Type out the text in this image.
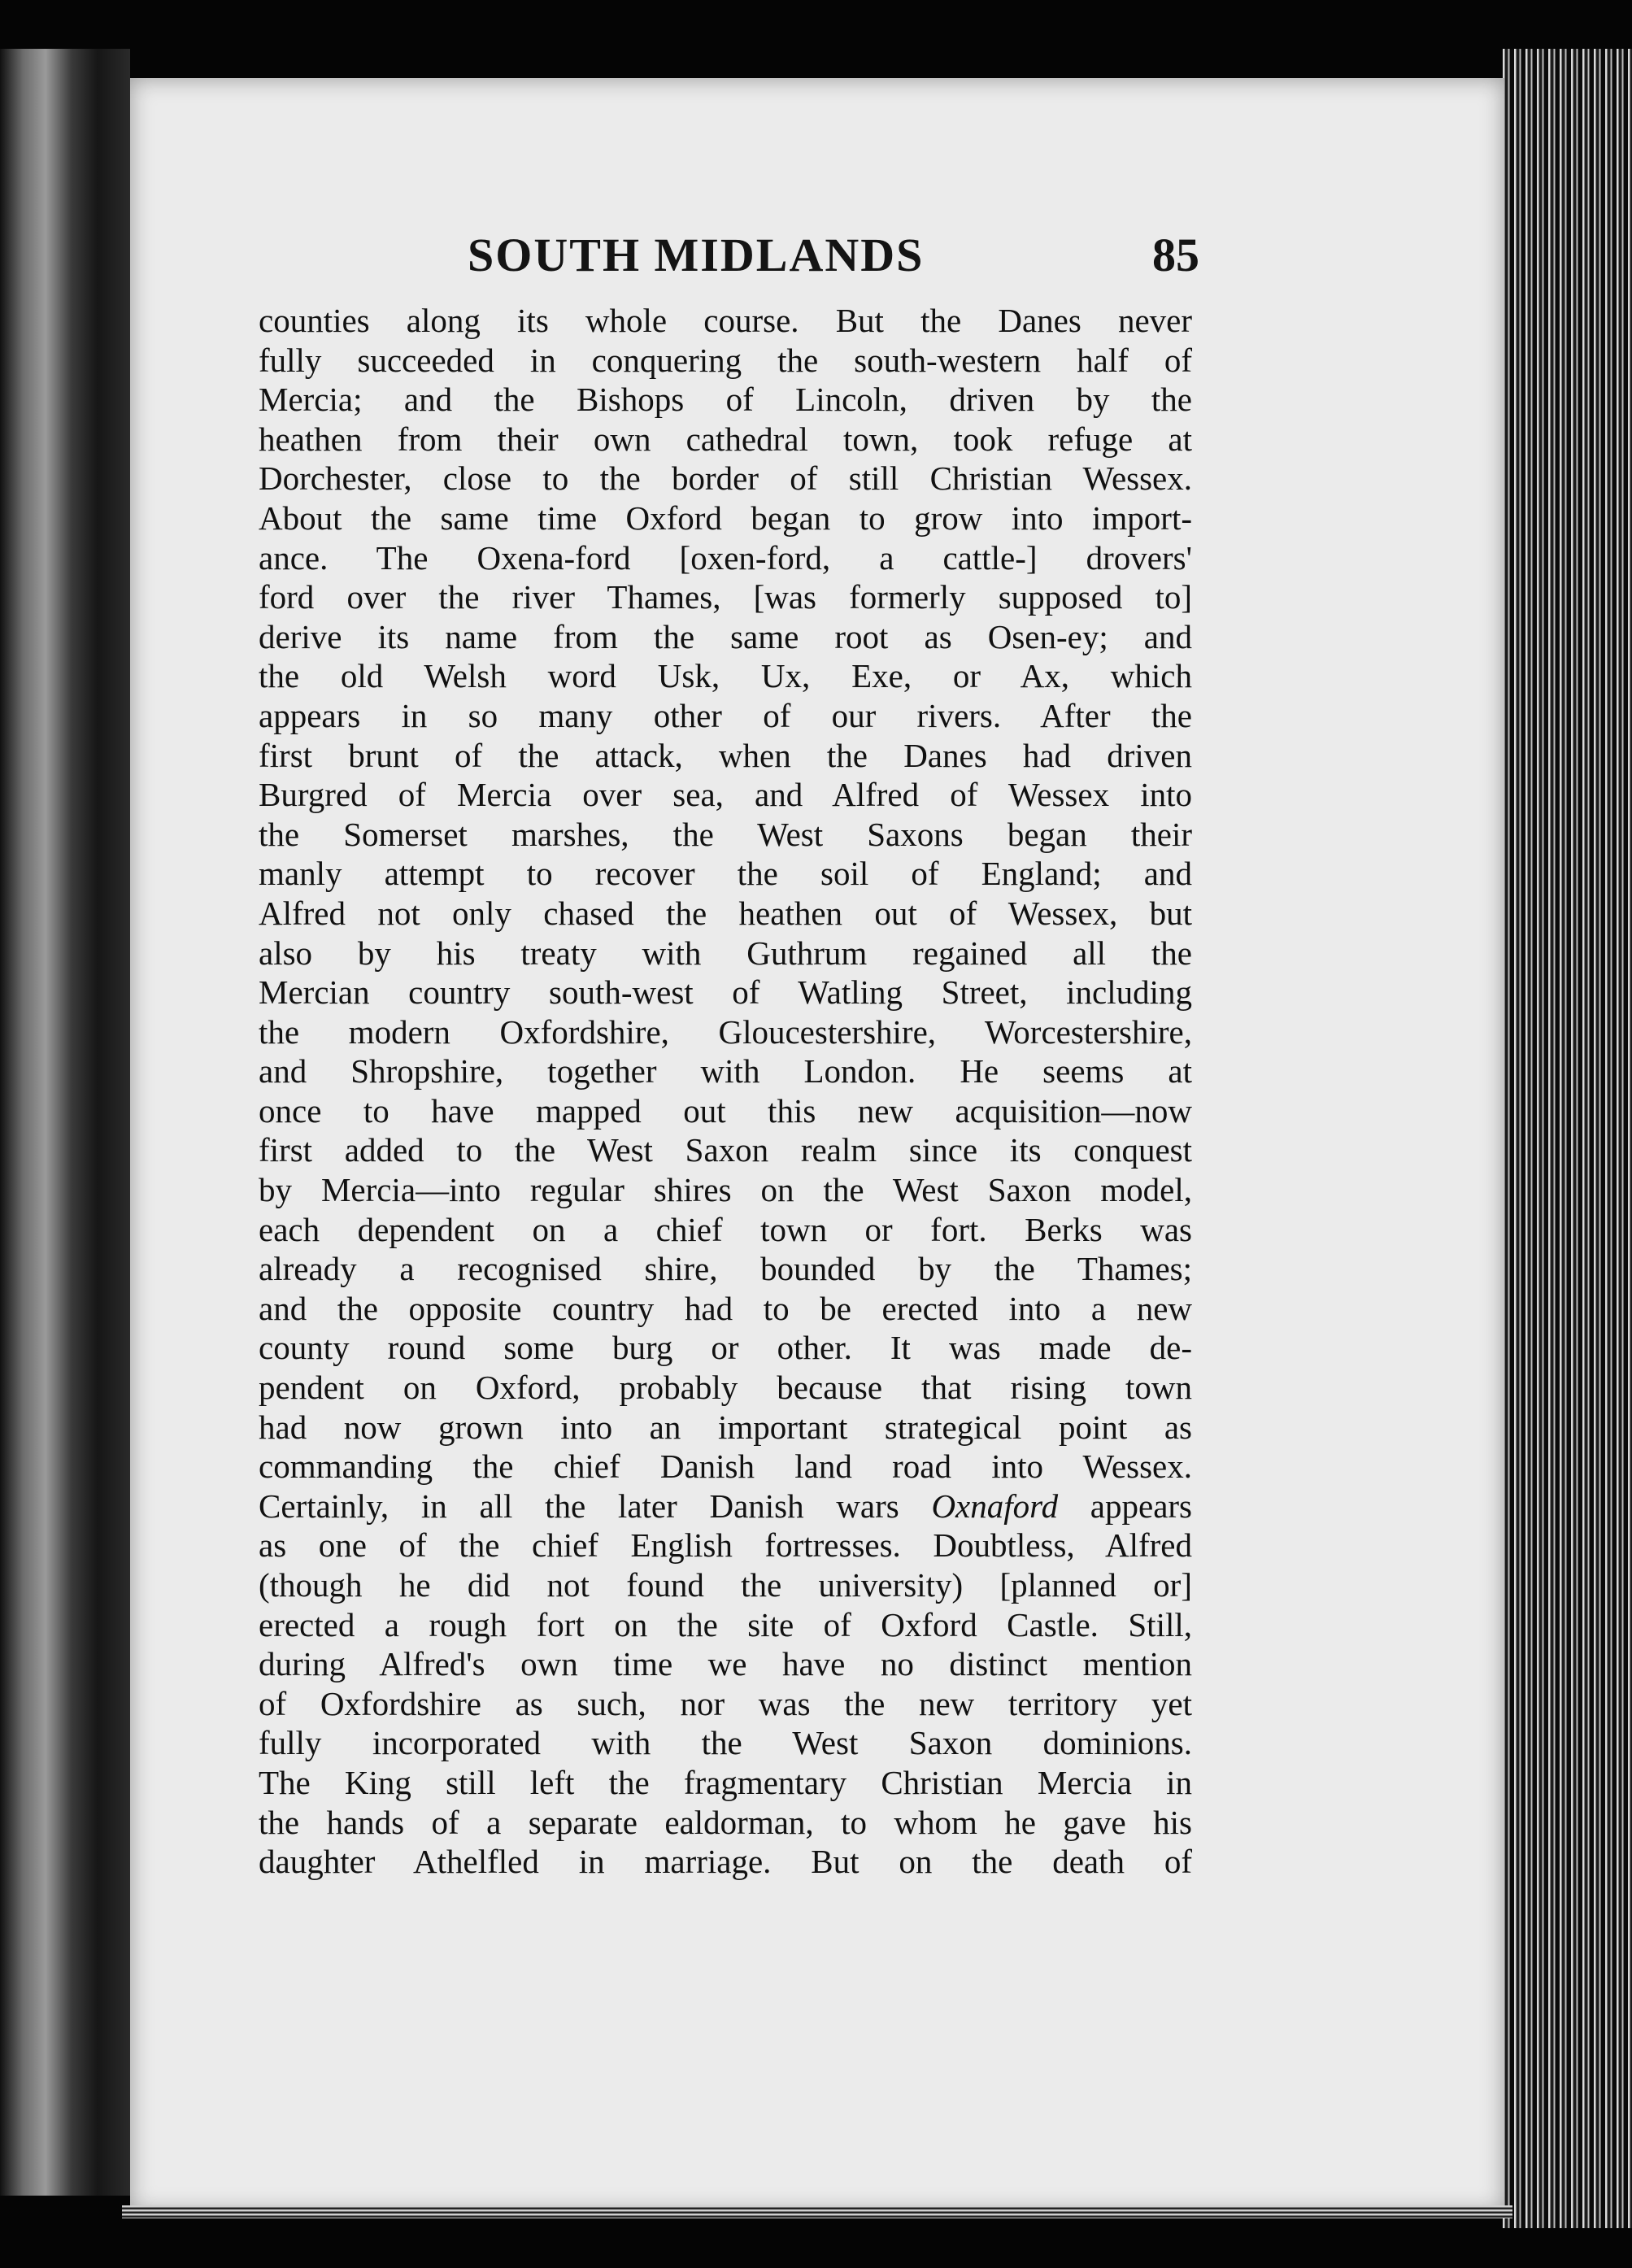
SOUTH MIDLANDS	85
counties along its whole course. But the Danes never
fully succeeded in conquering the south-western half of
Mercia; and the Bishops of Lincoln, driven by the
heathen from their own cathedral town, took refuge at
Dorchester, close to the border of still Christian Wessex.
About the same time Oxford began to grow into import-
ance. The Oxena-ford [oxen-ford, a cattle-] drovers'
ford over the river Thames, [was formerly supposed to]
derive its name from the same root as Osen-ey; and
the old Welsh word Usk, Ux, Exe, or Ax, which
appears in so many other of our rivers. After the
first brunt of the attack, when the Danes had driven
Burgred of Mercia over sea, and Alfred of Wessex into
the Somerset marshes, the West Saxons began their
manly attempt to recover the soil of England; and
Alfred not only chased the heathen out of Wessex, but
also by his treaty with Guthrum regained all the
Mercian country south-west of Watling Street, including
the modern Oxfordshire, Gloucestershire, Worcestershire,
and Shropshire, together with London. He seems at
once to have mapped out this new acquisition—now
first added to the West Saxon realm since its conquest
by Mercia—into regular shires on the West Saxon model,
each dependent on a chief town or fort. Berks was
already a recognised shire, bounded by the Thames;
and the opposite country had to be erected into a new
county round some burg or other. It was made de-
pendent on Oxford, probably because that rising town
had now grown into an important strategical point as
commanding the chief Danish land road into Wessex.
Certainly, in all the later Danish wars Oxnaford appears
as one of the chief English fortresses. Doubtless, Alfred
(though he did not found the university) [planned or]
erected a rough fort on the site of Oxford Castle. Still,
during Alfred's own time we have no distinct mention
of Oxfordshire as such, nor was the new territory yet
fully incorporated with the West Saxon dominions.
The King still left the fragmentary Christian Mercia in
the hands of a separate ealdorman, to whom he gave his
daughter Athelfled in marriage. But on the death of
